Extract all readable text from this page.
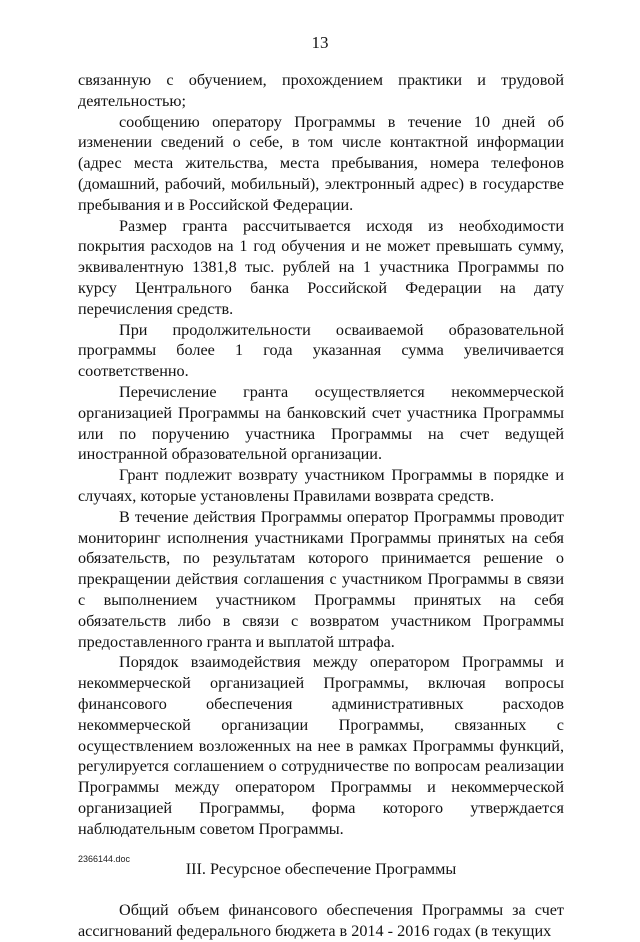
13

связанную с обучением, прохождением практики и трудовой деятельностью;

сообщению оператору Программы в течение 10 дней об изменении сведений о себе, в том числе контактной информации (адрес места жительства, места пребывания, номера телефонов (домашний, рабочий, мобильный), электронный адрес) в государстве пребывания и в Российской Федерации.

Размер гранта рассчитывается исходя из необходимости покрытия расходов на 1 год обучения и не может превышать сумму, эквивалентную 1381,8 тыс. рублей на 1 участника Программы по курсу Центрального банка Российской Федерации на дату перечисления средств.

При продолжительности осваиваемой образовательной программы более 1 года указанная сумма увеличивается соответственно.

Перечисление гранта осуществляется некоммерческой организацией Программы на банковский счет участника Программы или по поручению участника Программы на счет ведущей иностранной образовательной организации.

Грант подлежит возврату участником Программы в порядке и случаях, которые установлены Правилами возврата средств.

В течение действия Программы оператор Программы проводит мониторинг исполнения участниками Программы принятых на себя обязательств, по результатам которого принимается решение о прекращении действия соглашения с участником Программы в связи с выполнением участником Программы принятых на себя обязательств либо в связи с возвратом участником Программы предоставленного гранта и выплатой штрафа.

Порядок взаимодействия между оператором Программы и некоммерческой организацией Программы, включая вопросы финансового обеспечения административных расходов некоммерческой организации Программы, связанных с осуществлением возложенных на нее в рамках Программы функций, регулируется соглашением о сотрудничестве по вопросам реализации Программы между оператором Программы и некоммерческой организацией Программы, форма которого утверждается наблюдательным советом Программы.

III. Ресурсное обеспечение Программы

Общий объем финансового обеспечения Программы за счет ассигнований федерального бюджета в 2014 - 2016 годах (в текущих

2366144.doc
